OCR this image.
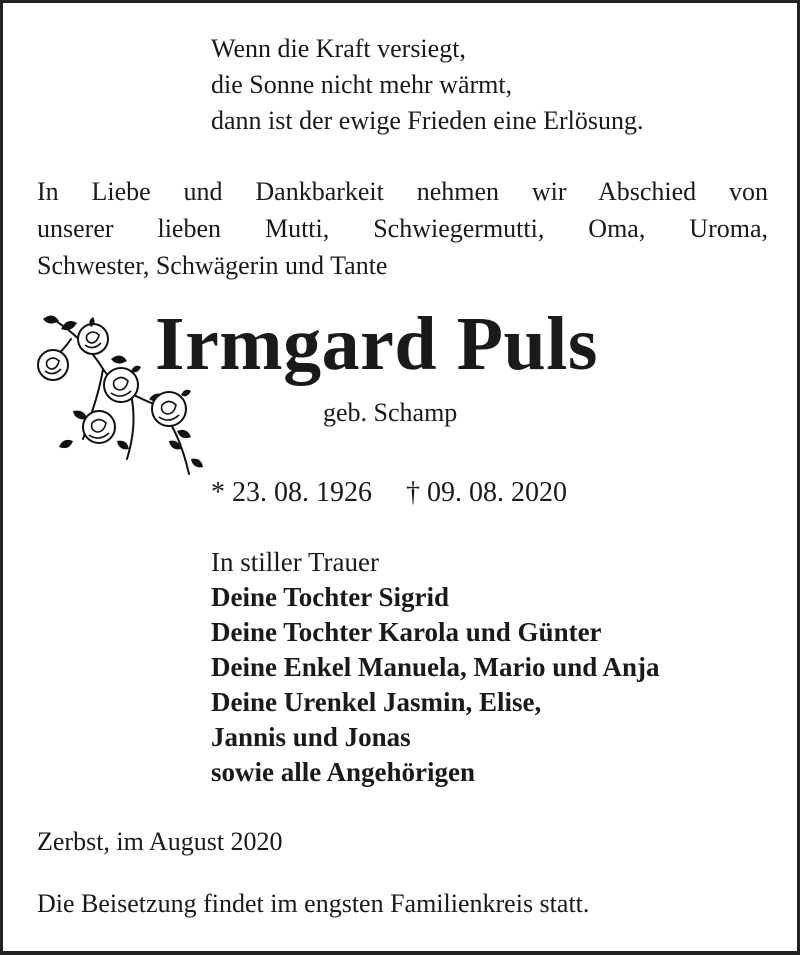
Wenn die Kraft versiegt,
die Sonne nicht mehr wärmt,
dann ist der ewige Frieden eine Erlösung.
In Liebe und Dankbarkeit nehmen wir Abschied von
unserer lieben Mutti, Schwiegermutti, Oma, Uroma,
Schwester, Schwägerin und Tante
Irmgard Puls
geb. Schamp
* 23. 08. 1926 † 09. 08. 2020
In stiller Trauer
Deine Tochter Sigrid
Deine Tochter Karola und Günter
Deine Enkel Manuela, Mario und Anja
Deine Urenkel Jasmin, Elise,
Jannis und Jonas
sowie alle Angehörigen
Zerbst, im August 2020
Die Beisetzung findet im engsten Familienkreis statt.
